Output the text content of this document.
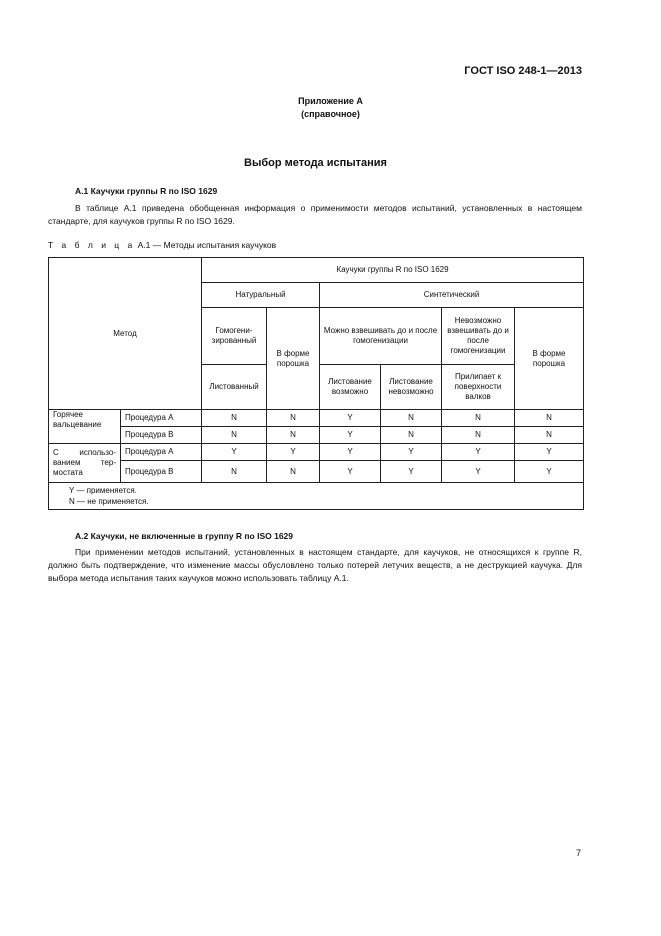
ГОСТ ISO 248-1—2013
Приложение А
(справочное)
Выбор метода испытания
А.1 Каучуки группы R по ISO 1629

В таблице А.1 приведена обобщенная информация о применимости методов испытаний, установленных в настоящем стандарте, для каучуков группы R по ISO 1629.

Т а б л и ц а А.1 — Методы испытания каучуков
Метод		Каучуки группы R по ISO 1629					
		Натуральный		Синтетический			
		Гомогени-зированный	В форме порошка	Можно взвешивать до и после гомогенизации		Невозможно взвешивать до и после гомогенизации	В форме порошка
		Листованный		Листование возможно	Листование невозможно	Прилипает к поверхности валков	
Горячее вальцевание	Процедура А	N	N	Y	N	N	N
	Процедура В	N	N	Y	N	N	N
С использо-ванием тер-мостата	Процедура А	Y	Y	Y	Y	Y	Y
	Процедура В	N	N	Y	Y	Y	Y

Y — применяется.
N — не применяется.							
А.2 Каучуки, не включенные в группу R по ISO 1629

При применении методов испытаний, установленных в настоящем стандарте, для каучуков, не относящихся к группе R, должно быть подтверждение, что изменение массы обусловлено только потерей летучих веществ, а не деструкцией каучука. Для выбора метода испытания таких каучуков можно использовать таблицу А.1.

7
